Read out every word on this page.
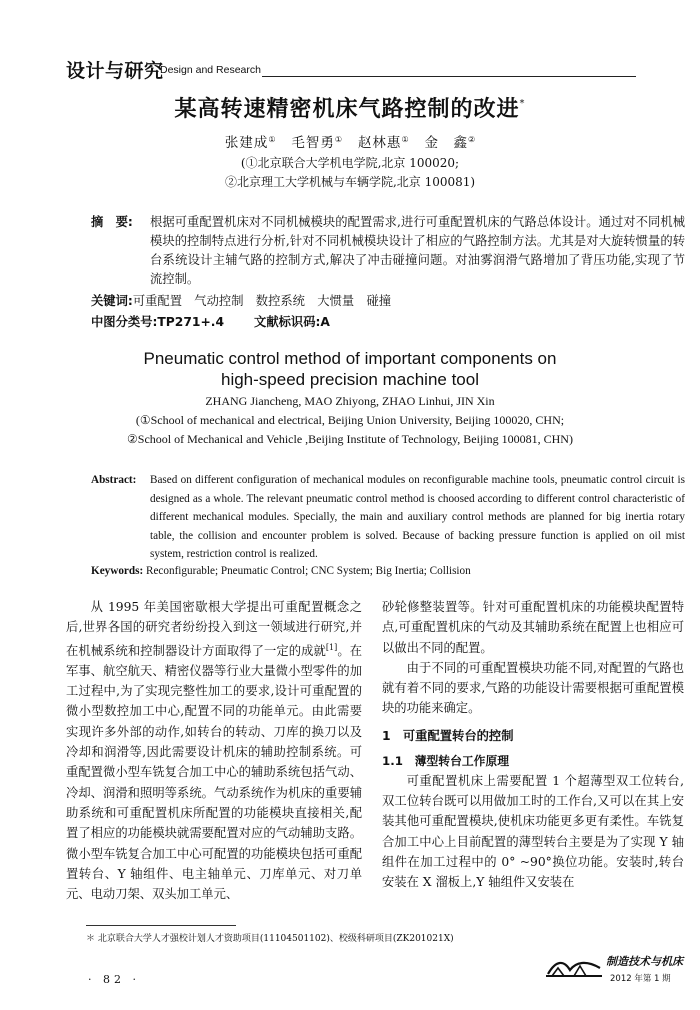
设计与研究
Design and Research
某高转速精密机床气路控制的改进*
张建成① 毛智勇① 赵林惠① 金　鑫②
(①北京联合大学机电学院,北京 100020;
②北京理工大学机械与车辆学院,北京 100081)
摘　要:	根据可重配置机床对不同机械模块的配置需求,进行可重配置机床的气路总体设计。通过对不同机械模块的控制特点进行分析,针对不同机械模块设计了相应的气路控制方法。尤其是对大旋转惯量的转台系统设计主辅气路的控制方式,解决了冲击碰撞问题。对油雾润滑气路增加了背压功能,实现了节流控制。
关键词:可重配置　气动控制　数控系统　大惯量　碰撞
中图分类号:TP271+.4 文献标识码:A
Pneumatic control method of important components on
high-speed precision machine tool
ZHANG Jiancheng, MAO Zhiyong, ZHAO Linhui, JIN Xin
(①School of mechanical and electrical, Beijing Union University, Beijing 100020, CHN;
②School of Mechanical and Vehicle ,Beijing Institute of Technology, Beijing 100081, CHN)
Abstract:	Based on different configuration of mechanical modules on reconfigurable machine tools, pneumatic control circuit is designed as a whole. The relevant pneumatic control method is choosed according to different control characteristic of different mechanical modules. Specially, the main and auxiliary control methods are planned for big inertia rotary table, the collision and encounter problem is solved. Because of backing pressure function is applied on oil mist system, restriction control is realized.
Keywords: Reconfigurable; Pneumatic Control; CNC System; Big Inertia; Collision

从 1995 年美国密歇根大学提出可重配置概念之后,世界各国的研究者纷纷投入到这一领域进行研究,并在机械系统和控制器设计方面取得了一定的成就[1]。在军事、航空航天、精密仪器等行业大量微小型零件的加工过程中,为了实现完整性加工的要求,设计可重配置的微小型数控加工中心,配置不同的功能单元。由此需要实现许多外部的动作,如转台的转动、刀库的换刀以及冷却和润滑等,因此需要设计机床的辅助控制系统。可重配置微小型车铣复合加工中心的辅助系统包括气动、冷却、润滑和照明等系统。气动系统作为机床的重要辅助系统和可重配置机床所配置的功能模块直接相关,配置了相应的功能模块就需要配置对应的气动辅助支路。微小型车铣复合加工中心可配置的功能模块包括可重配置转台、Y 轴组件、电主轴单元、刀库单元、对刀单元、电动刀架、双头加工单元、

砂轮修整装置等。针对可重配置机床的功能模块配置特点,可重配置机床的气动及其辅助系统在配置上也相应可以做出不同的配置。

由于不同的可重配置模块功能不同,对配置的气路也就有着不同的要求,气路的功能设计需要根据可重配置模块的功能来确定。

1　可重配置转台的控制
1.1　薄型转台工作原理

可重配置机床上需要配置 1 个超薄型双工位转台,双工位转台既可以用做加工时的工作台,又可以在其上安装其他可重配置模块,使机床功能更多更有柔性。车铣复合加工中心上目前配置的薄型转台主要是为了实现 Y 轴组件在加工过程中的 0° ~90°换位功能。安装时,转台安装在 X 溜板上,Y 轴组件又安装在

＊ 北京联合大学人才强校计划人才资助项目(11104501102)、校级科研项目(ZK201021X)
· 82 ·
制造技术与机床
2012 年第 1 期
